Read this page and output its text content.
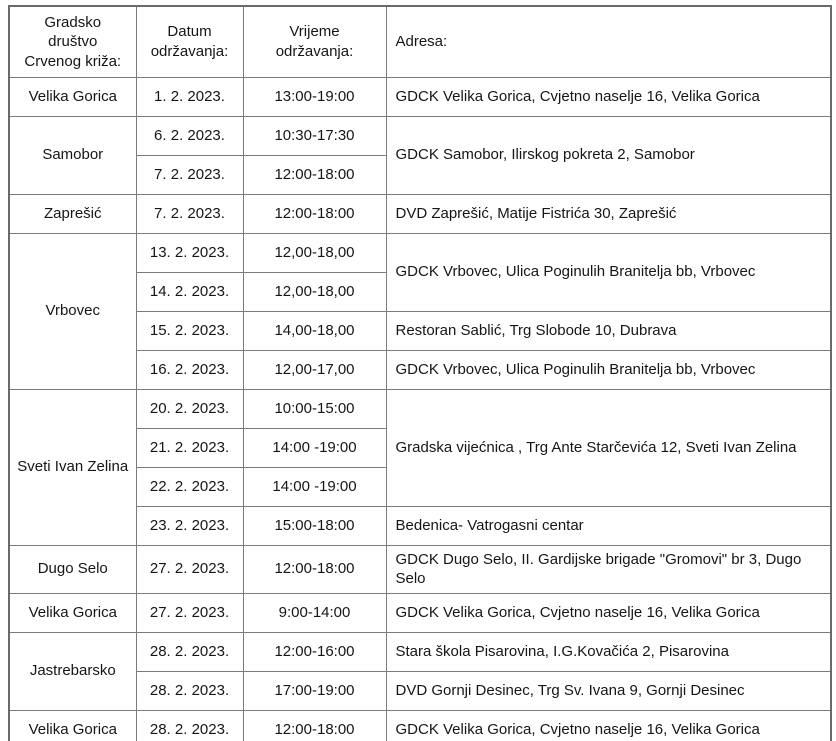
Gradsko društvo Crvenog križa:	Datum održavanja:	Vrijeme održavanja:	Adresa:
Velika Gorica	1. 2. 2023.	13:00-19:00	GDCK Velika Gorica, Cvjetno naselje 16, Velika Gorica
Samobor	6. 2. 2023.	10:30-17:30	GDCK Samobor, Ilirskog pokreta 2, Samobor
	7. 2. 2023.	12:00-18:00	
Zaprešić	7. 2. 2023.	12:00-18:00	DVD Zaprešić, Matije Fistrića 30, Zaprešić
Vrbovec	13. 2. 2023.	12,00-18,00	GDCK Vrbovec, Ulica Poginulih Branitelja bb, Vrbovec
	14. 2. 2023.	12,00-18,00	
	15. 2. 2023.	14,00-18,00	Restoran Sablić, Trg Slobode 10, Dubrava
	16. 2. 2023.	12,00-17,00	GDCK Vrbovec, Ulica Poginulih Branitelja bb, Vrbovec
Sveti Ivan Zelina	20. 2. 2023.	10:00-15:00	Gradska vijećnica , Trg Ante Starčevića 12, Sveti Ivan Zelina
	21. 2. 2023.	14:00 -19:00	
	22. 2. 2023.	14:00 -19:00	
	23. 2. 2023.	15:00-18:00	Bedenica- Vatrogasni centar
Dugo Selo	27. 2. 2023.	12:00-18:00	GDCK Dugo Selo, II. Gardijske brigade "Gromovi" br 3, Dugo Selo
Velika Gorica	27. 2. 2023.	9:00-14:00	GDCK Velika Gorica, Cvjetno naselje 16, Velika Gorica
Jastrebarsko	28. 2. 2023.	12:00-16:00	Stara škola Pisarovina, I.G.Kovačića 2, Pisarovina
	28. 2. 2023.	17:00-19:00	DVD Gornji Desinec, Trg Sv. Ivana 9, Gornji Desinec
Velika Gorica	28. 2. 2023.	12:00-18:00	GDCK Velika Gorica, Cvjetno naselje 16, Velika Gorica
